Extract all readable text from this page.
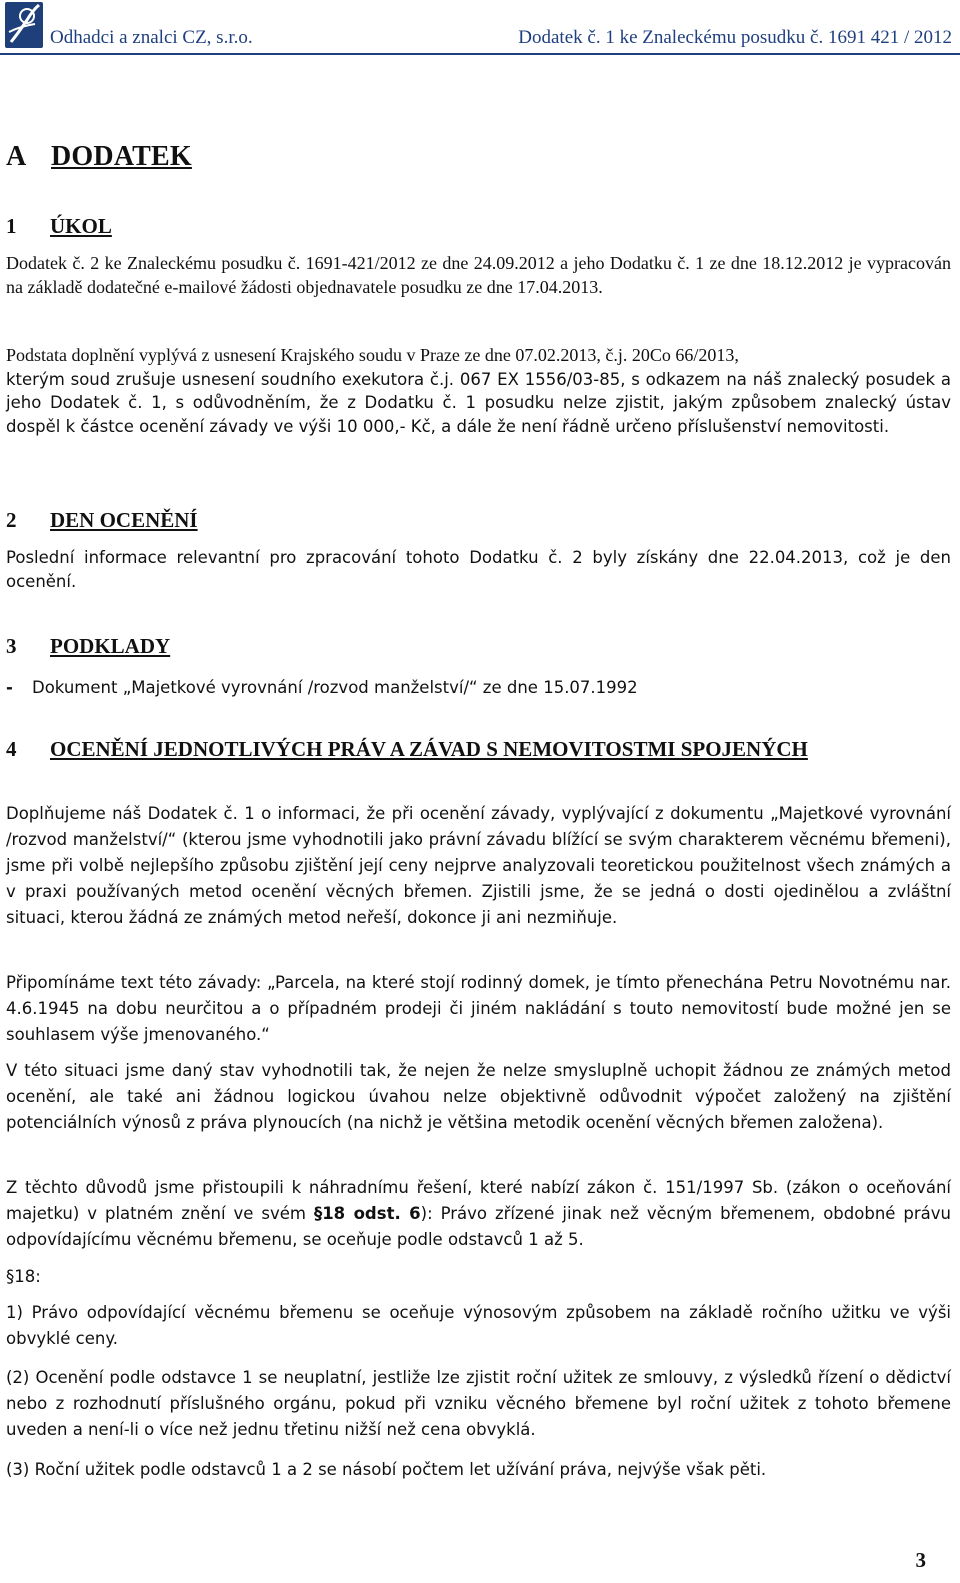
Odhadci a znalci CZ, s.r.o.	Dodatek č. 1 ke Znaleckému posudku č. 1691 421 / 2012
A DODATEK
1 ÚKOL

Dodatek č. 2 ke Znaleckému posudku č. 1691-421/2012 ze dne 24.09.2012 a jeho Dodatku č. 1 ze dne 18.12.2012 je vypracován na základě dodatečné e-mailové žádosti objednavatele posudku ze dne 17.04.2013.

Podstata doplnění vyplývá z usnesení Krajského soudu v Praze ze dne 07.02.2013, č.j. 20Co 66/2013,

kterým soud zrušuje usnesení soudního exekutora č.j. 067 EX 1556/03-85, s odkazem na náš znalecký posudek a jeho Dodatek č. 1, s odůvodněním, že z Dodatku č. 1 posudku nelze zjistit, jakým způsobem znalecký ústav dospěl k částce ocenění závady ve výši 10 000,- Kč, a dále že není řádně určeno příslušenství nemovitosti.

2 DEN OCENĚNÍ

Poslední informace relevantní pro zpracování tohoto Dodatku č. 2 byly získány dne 22.04.2013, což je den ocenění.

3 PODKLADY
- Dokument „Majetkové vyrovnání /rozvod manželství/“ ze dne 15.07.1992
4 OCENĚNÍ JEDNOTLIVÝCH PRÁV A ZÁVAD S NEMOVITOSTMI SPOJENÝCH

Doplňujeme náš Dodatek č. 1 o informaci, že při ocenění závady, vyplývající z dokumentu „Majetkové vyrovnání /rozvod manželství/“ (kterou jsme vyhodnotili jako právní závadu blížící se svým charakterem věcnému břemeni), jsme při volbě nejlepšího způsobu zjištění její ceny nejprve analyzovali teoretickou použitelnost všech známých a v praxi používaných metod ocenění věcných břemen. Zjistili jsme, že se jedná o dosti ojedinělou a zvláštní situaci, kterou žádná ze známých metod neřeší, dokonce ji ani nezmiňuje.

Připomínáme text této závady: „Parcela, na které stojí rodinný domek, je tímto přenechána Petru Novotnému nar. 4.6.1945 na dobu neurčitou a o případném prodeji či jiném nakládání s touto nemovitostí bude možné jen se souhlasem výše jmenovaného.“

V této situaci jsme daný stav vyhodnotili tak, že nejen že nelze smysluplně uchopit žádnou ze známých metod ocenění, ale také ani žádnou logickou úvahou nelze objektivně odůvodnit výpočet založený na zjištění potenciálních výnosů z práva plynoucích (na nichž je většina metodik ocenění věcných břemen založena).

Z těchto důvodů jsme přistoupili k náhradnímu řešení, které nabízí zákon č. 151/1997 Sb. (zákon o oceňování majetku) v platném znění ve svém §18 odst. 6): Právo zřízené jinak než věcným břemenem, obdobné právu odpovídajícímu věcnému břemenu, se oceňuje podle odstavců 1 až 5.

§18:

1) Právo odpovídající věcnému břemenu se oceňuje výnosovým způsobem na základě ročního užitku ve výši obvyklé ceny.

(2) Ocenění podle odstavce 1 se neuplatní, jestliže lze zjistit roční užitek ze smlouvy, z výsledků řízení o dědictví nebo z rozhodnutí příslušného orgánu, pokud při vzniku věcného břemene byl roční užitek z tohoto břemene uveden a není-li o více než jednu třetinu nižší než cena obvyklá.

(3) Roční užitek podle odstavců 1 a 2 se násobí počtem let užívání práva, nejvýše však pěti.

3
